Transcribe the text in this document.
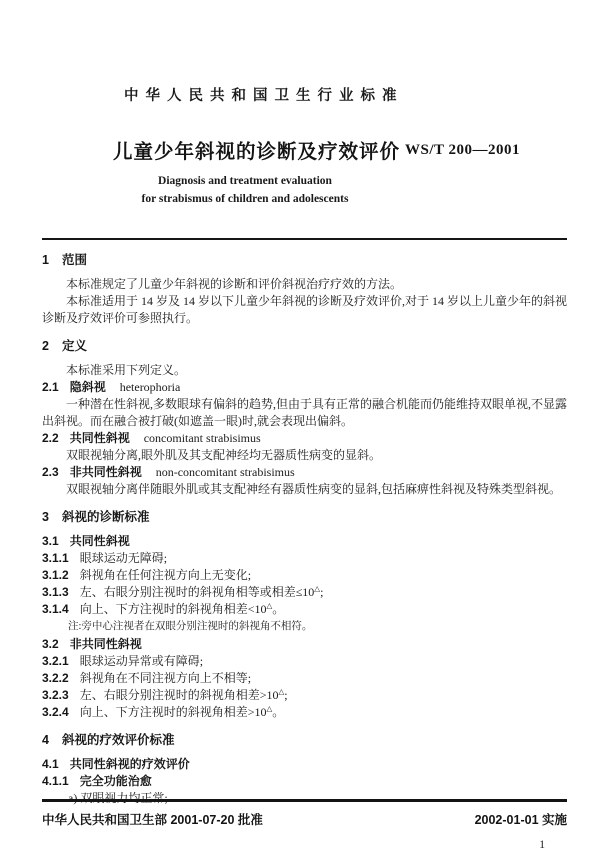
中华人民共和国卫生行业标准
儿童少年斜视的诊断及疗效评价 WS/T 200—2001
Diagnosis and treatment evaluation
for strabismus of children and adolescents
1 范围
本标准规定了儿童少年斜视的诊断和评价斜视治疗疗效的方法。
本标准适用于 14 岁及 14 岁以下儿童少年斜视的诊断及疗效评价,对于 14 岁以上儿童少年的斜视诊断及疗效评价可参照执行。
2 定义
本标准采用下列定义。
2.1 隐斜视 heterophoria
一种潜在性斜视,多数眼球有偏斜的趋势,但由于具有正常的融合机能而仍能维持双眼单视,不显露出斜视。而在融合被打破(如遮盖一眼)时,就会表现出偏斜。
2.2 共同性斜视 concomitant strabisimus
双眼视轴分离,眼外肌及其支配神经均无器质性病变的显斜。
2.3 非共同性斜视 non-concomitant strabisimus
双眼视轴分离伴随眼外肌或其支配神经有器质性病变的显斜,包括麻痹性斜视及特殊类型斜视。
3 斜视的诊断标准
3.1 共同性斜视
3.1.1 眼球运动无障碍;
3.1.2 斜视角在任何注视方向上无变化;
3.1.3 左、右眼分别注视时的斜视角相等或相差≤10△;
3.1.4 向上、下方注视时的斜视角相差<10△。
注:旁中心注视者在双眼分别注视时的斜视角不相符。
3.2 非共同性斜视
3.2.1 眼球运动异常或有障碍;
3.2.2 斜视角在不同注视方向上不相等;
3.2.3 左、右眼分别注视时的斜视角相差>10△;
3.2.4 向上、下方注视时的斜视角相差>10△。
4 斜视的疗效评价标准
4.1 共同性斜视的疗效评价
4.1.1 完全功能治愈
a) 双眼视力均正常;
中华人民共和国卫生部 2001-07-20 批准	2002-01-01 实施
1
